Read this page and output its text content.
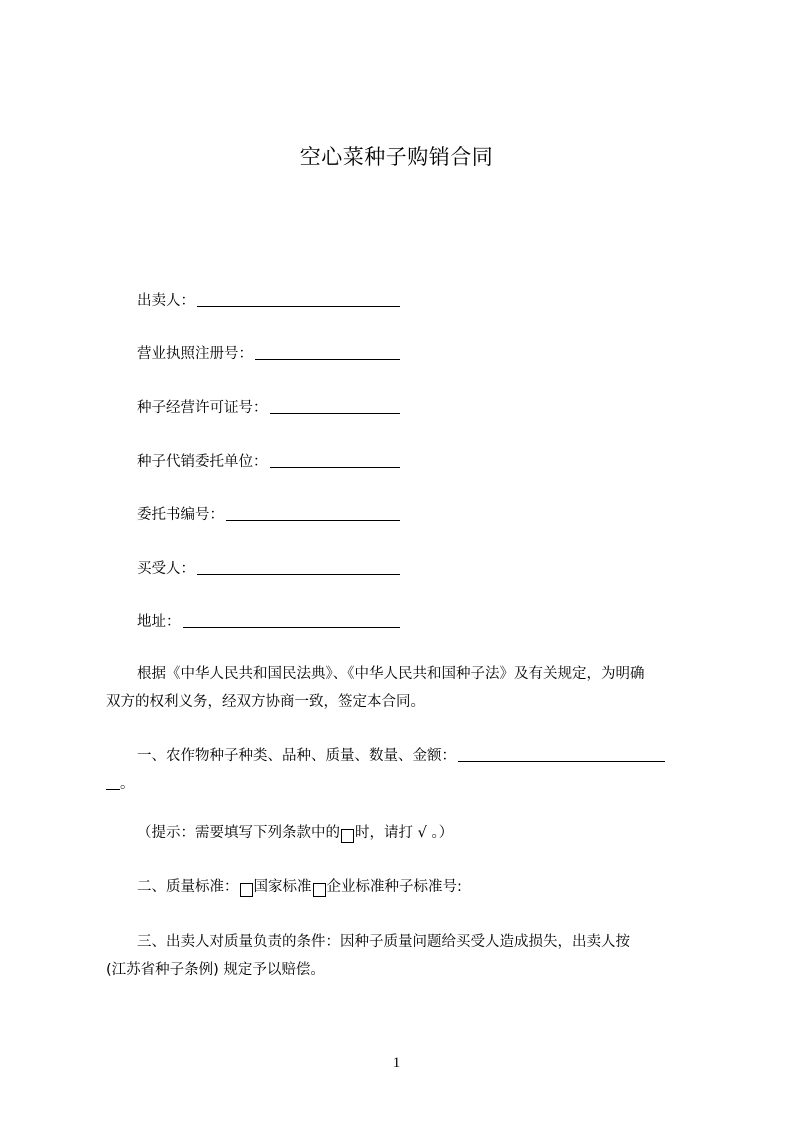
空心菜种子购销合同
出卖人：
营业执照注册号：
种子经营许可证号：
种子代销委托单位：
委托书编号：
买受人：
地址：
根据《中华人民共和国民法典》、《中华人民共和国种子法》及有关规定，为明确
双方的权利义务，经双方协商一致，签定本合同。
一、农作物种子种类、品种、质量、数量、金额：
。
（提示：需要填写下列条款中的 时，请打 √ 。）
二、质量标准： 国家标准 企业标准种子标准号:
三、出卖人对质量负责的条件：因种子质量问题给买受人造成损失，出卖人按
(江苏省种子条例) 规定予以赔偿。
1
